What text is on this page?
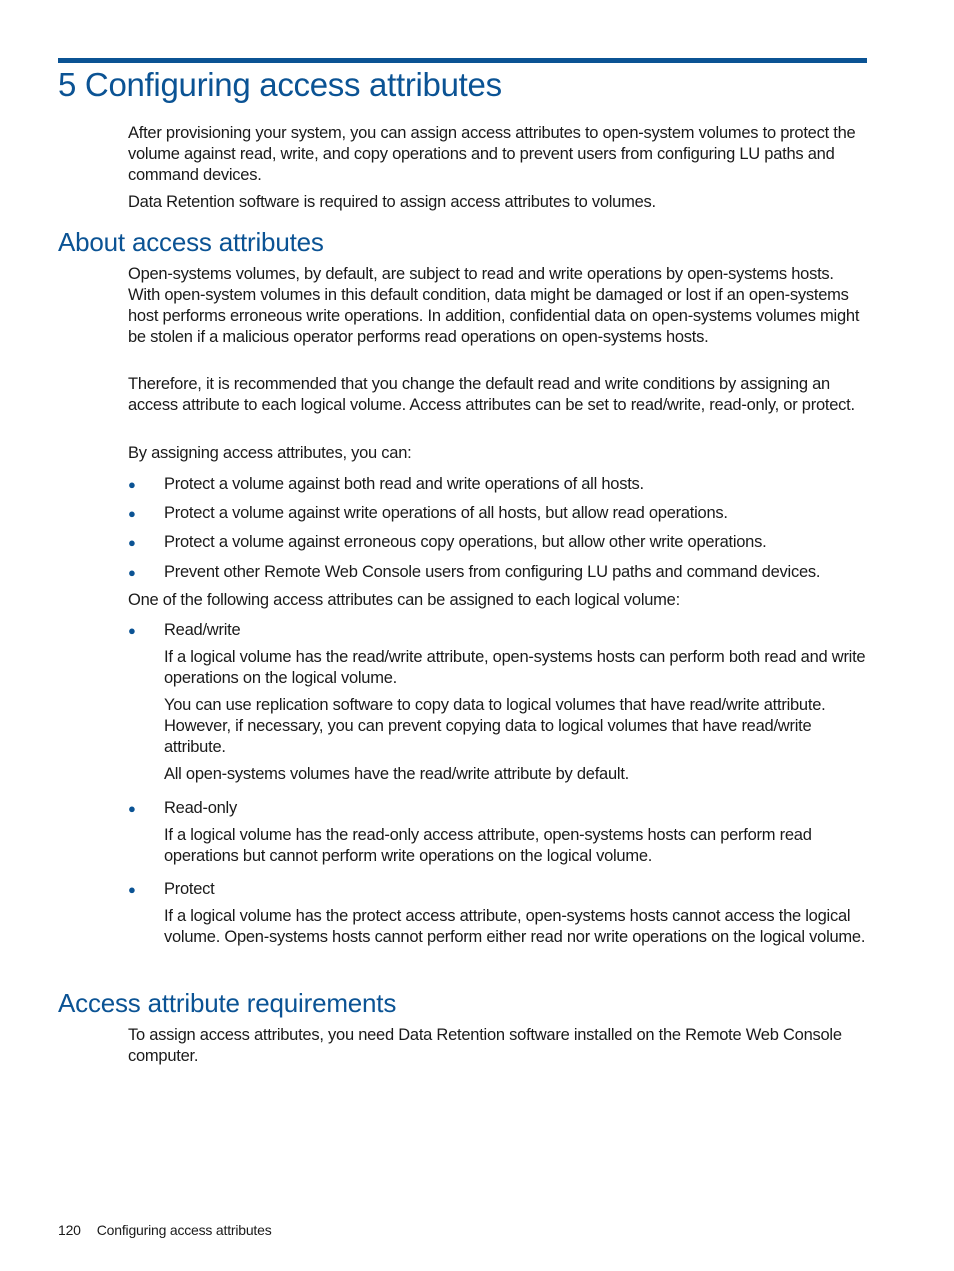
5 Configuring access attributes

After provisioning your system, you can assign access attributes to open-system volumes to protect the volume against read, write, and copy operations and to prevent users from configuring LU paths and command devices.

Data Retention software is required to assign access attributes to volumes.

About access attributes

Open-systems volumes, by default, are subject to read and write operations by open-systems hosts. With open-system volumes in this default condition, data might be damaged or lost if an open-systems host performs erroneous write operations. In addition, confidential data on open-systems volumes might be stolen if a malicious operator performs read operations on open-systems hosts.

Therefore, it is recommended that you change the default read and write conditions by assigning an access attribute to each logical volume. Access attributes can be set to read/write, read-only, or protect.

By assigning access attributes, you can:

●	Protect a volume against both read and write operations of all hosts.
●	Protect a volume against write operations of all hosts, but allow read operations.
●	Protect a volume against erroneous copy operations, but allow other write operations.
●	Prevent other Remote Web Console users from configuring LU paths and command devices.

One of the following access attributes can be assigned to each logical volume:

●	Read/write

If a logical volume has the read/write attribute, open-systems hosts can perform both read and write operations on the logical volume.

You can use replication software to copy data to logical volumes that have read/write attribute. However, if necessary, you can prevent copying data to logical volumes that have read/write attribute.

All open-systems volumes have the read/write attribute by default.

●	Read-only

If a logical volume has the read-only access attribute, open-systems hosts can perform read operations but cannot perform write operations on the logical volume.

●	Protect

If a logical volume has the protect access attribute, open-systems hosts cannot access the logical volume. Open-systems hosts cannot perform either read nor write operations on the logical volume.

Access attribute requirements

To assign access attributes, you need Data Retention software installed on the Remote Web Console computer.

120 Configuring access attributes
